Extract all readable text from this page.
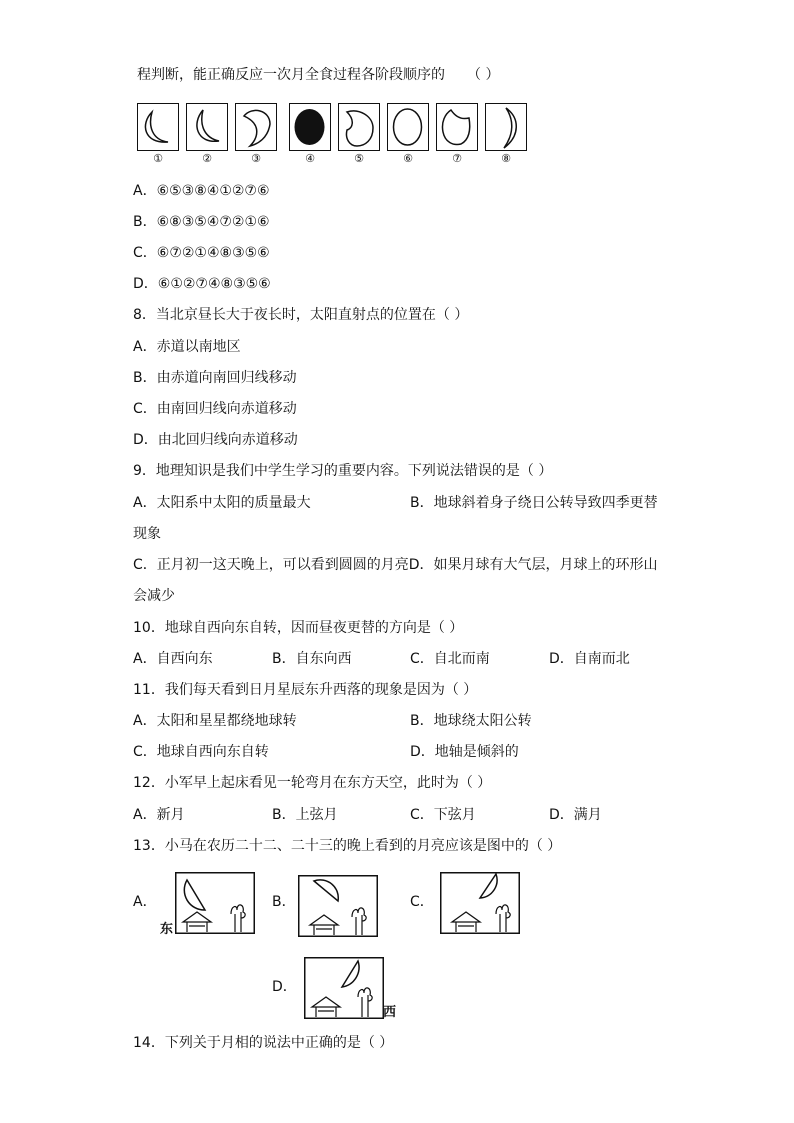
程判断，能正确反应一次月全食过程各阶段顺序的 （ ）
①	②	③	④	⑤	⑥	⑦	⑧
A．⑥⑤③⑧④①②⑦⑥
B．⑥⑧③⑤④⑦②①⑥
C．⑥⑦②①④⑧③⑤⑥
D．⑥①②⑦④⑧③⑤⑥
8．当北京昼长大于夜长时，太阳直射点的位置在（ ）
A．赤道以南地区
B．由赤道向南回归线移动
C．由南回归线向赤道移动
D．由北回归线向赤道移动
9．地理知识是我们中学生学习的重要内容。下列说法错误的是（ ）
A．太阳系中太阳的质量最大	B．地球斜着身子绕日公转导致四季更替
现象
C．正月初一这天晚上，可以看到圆圆的月亮D．如果月球有大气层，月球上的环形山
会减少
10．地球自西向东自转，因而昼夜更替的方向是（ ）
A．自西向东	B．自东向西	C．自北而南	D．自南而北
11．我们每天看到日月星辰东升西落的现象是因为（ ）
A．太阳和星星都绕地球转	B．地球绕太阳公转
C．地球自西向东自转	D．地轴是倾斜的
12．小军早上起床看见一轮弯月在东方天空，此时为（ ）
A．新月	B．上弦月	C．下弦月	D．满月
13．小马在农历二十二、二十三的晚上看到的月亮应该是图中的（ ）
A．
东
B．	C．
D．
西
14．下列关于月相的说法中正确的是（ ）
